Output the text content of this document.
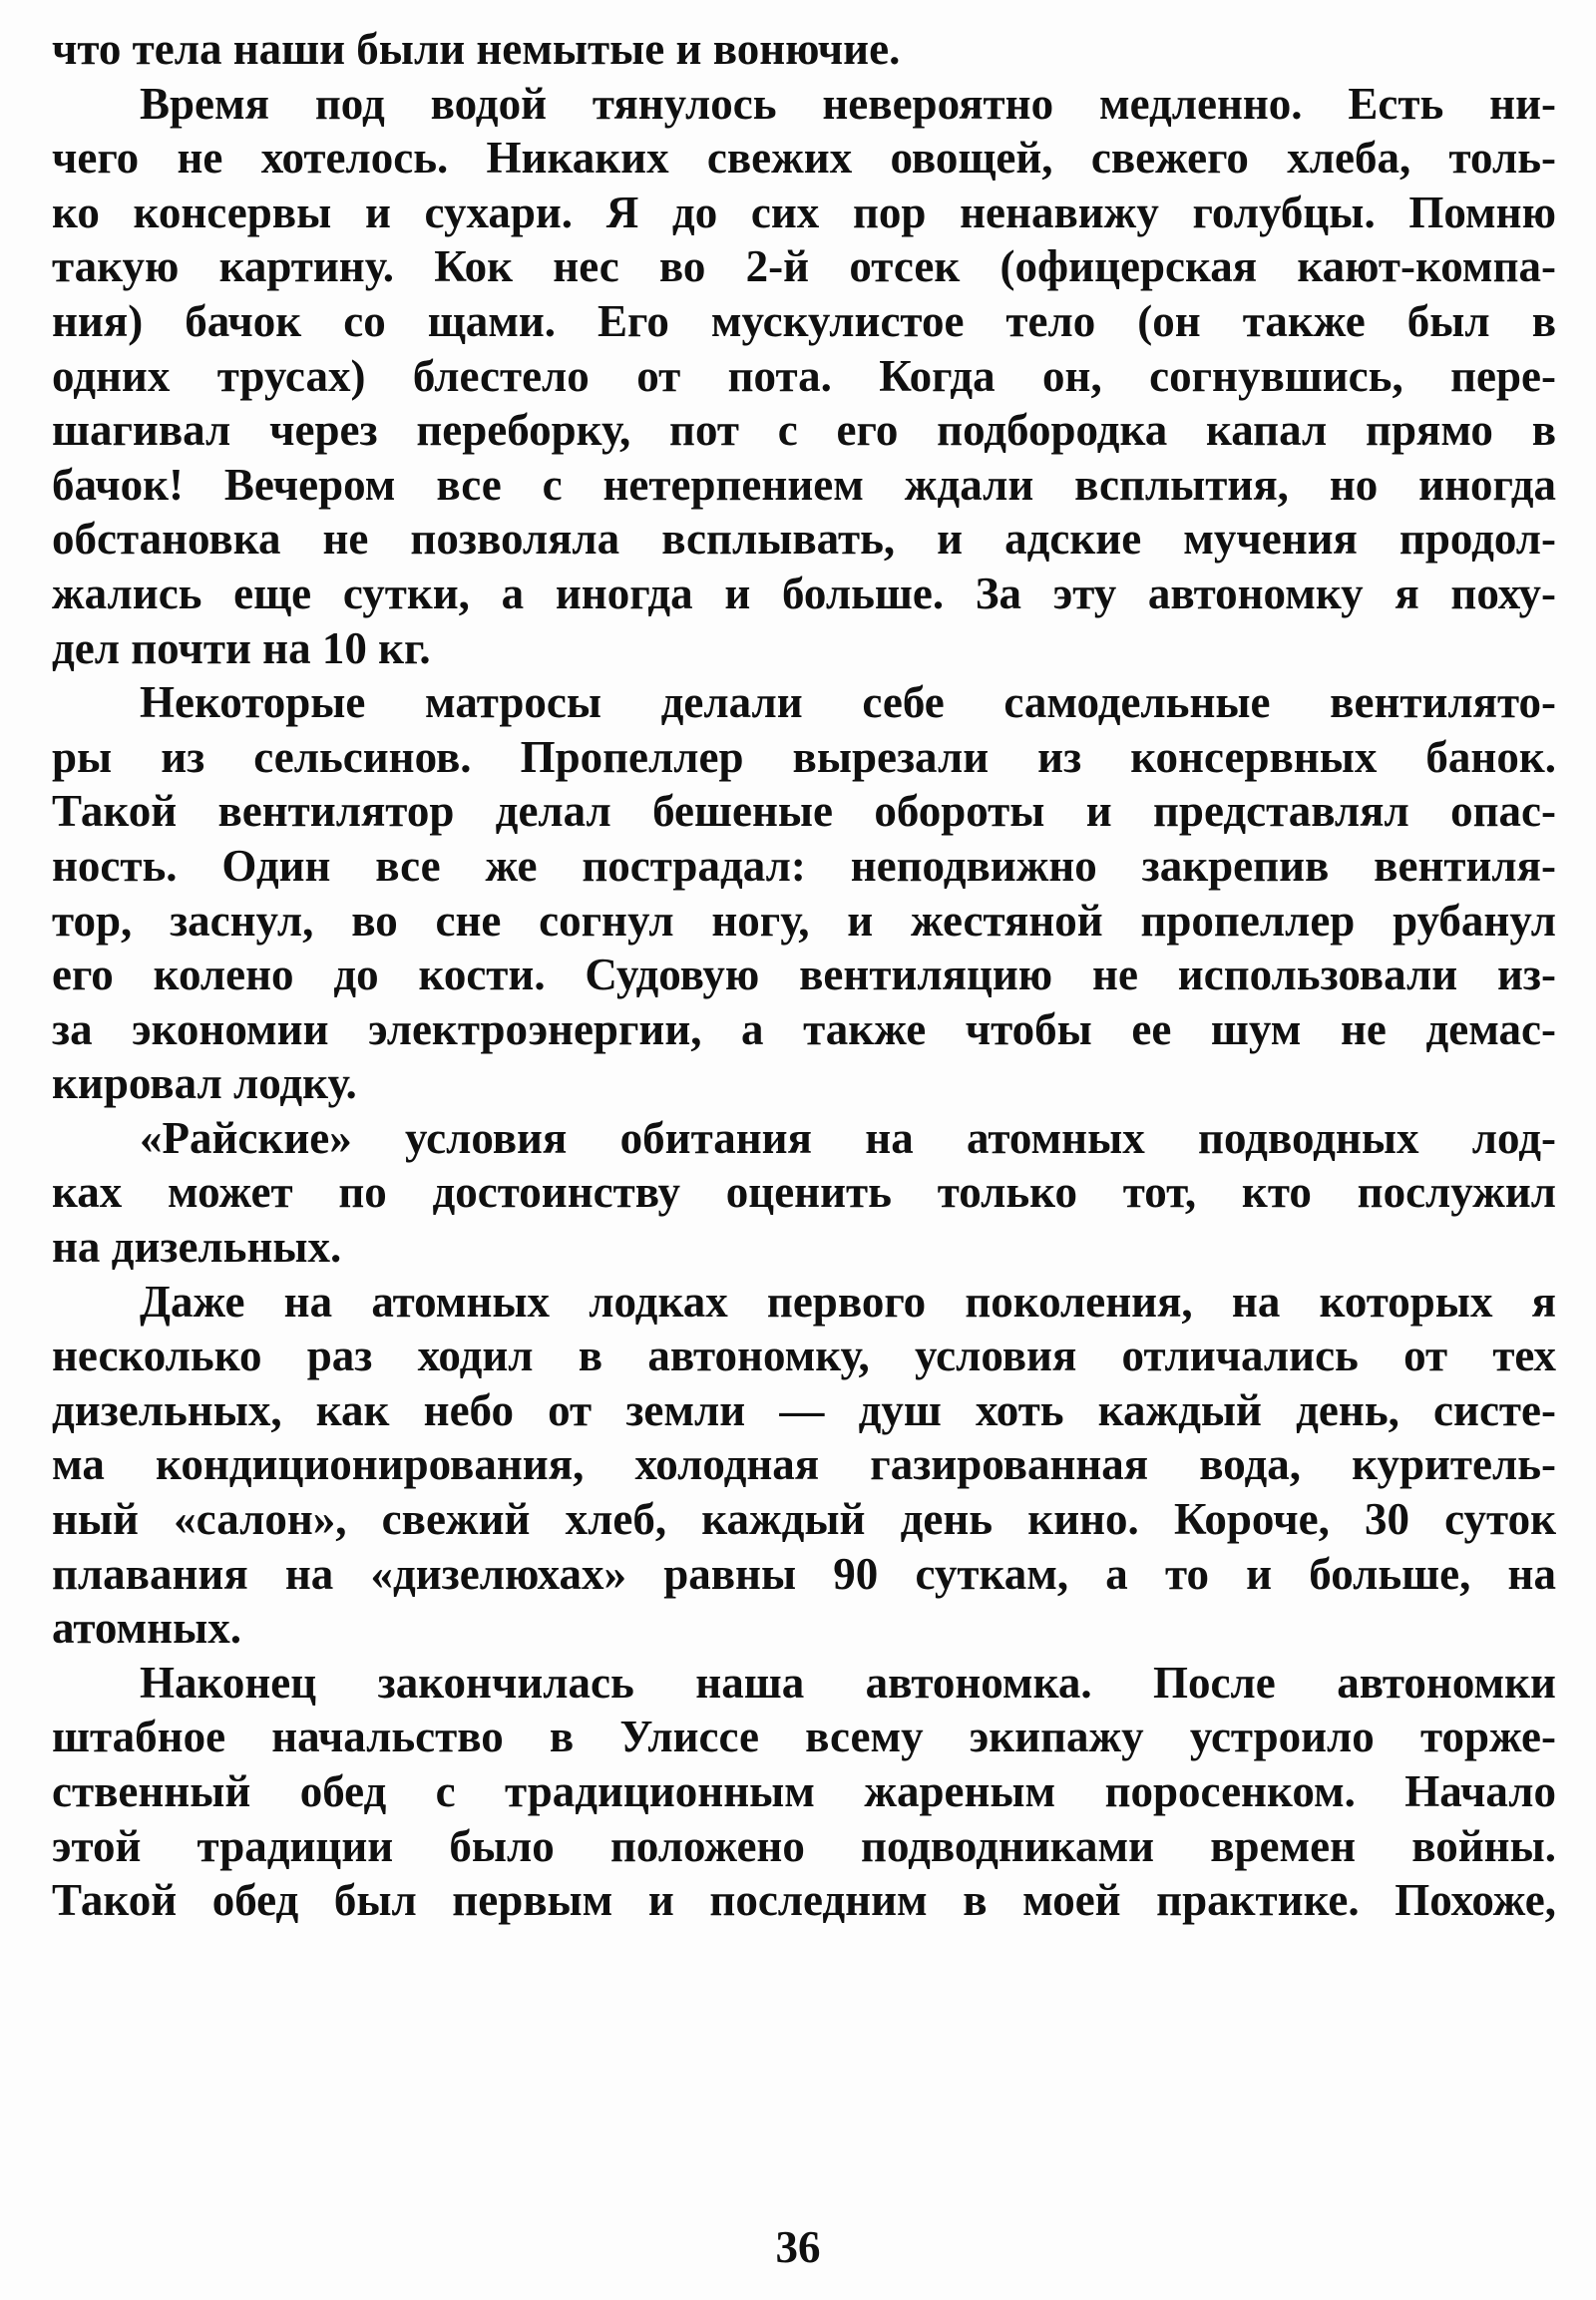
что тела наши были немытые и вонючие.
Время под водой тянулось невероятно медленно. Есть ни-
чего не хотелось. Никаких свежих овощей, свежего хлеба, толь-
ко консервы и сухари. Я до сих пор ненавижу голубцы. Помню
такую картину. Кок нес во 2-й отсек (офицерская кают-компа-
ния) бачок со щами. Его мускулистое тело (он также был в
одних трусах) блестело от пота. Когда он, согнувшись, пере-
шагивал через переборку, пот с его подбородка капал прямо в
бачок! Вечером все с нетерпением ждали всплытия, но иногда
обстановка не позволяла всплывать, и адские мучения продол-
жались еще сутки, а иногда и больше. За эту автономку я поху-
дел почти на 10 кг.
Некоторые матросы делали себе самодельные вентилято-
ры из сельсинов. Пропеллер вырезали из консервных банок.
Такой вентилятор делал бешеные обороты и представлял опас-
ность. Один все же пострадал: неподвижно закрепив вентиля-
тор, заснул, во сне согнул ногу, и жестяной пропеллер рубанул
его колено до кости. Судовую вентиляцию не использовали из-
за экономии электроэнергии, а также чтобы ее шум не демас-
кировал лодку.
«Райские» условия обитания на атомных подводных лод-
ках может по достоинству оценить только тот, кто послужил
на дизельных.
Даже на атомных лодках первого поколения, на которых я
несколько раз ходил в автономку, условия отличались от тех
дизельных, как небо от земли — душ хоть каждый день, систе-
ма кондиционирования, холодная газированная вода, куритель-
ный «салон», свежий хлеб, каждый день кино. Короче, 30 суток
плавания на «дизелюхах» равны 90 суткам, а то и больше, на
атомных.
Наконец закончилась наша автономка. После автономки
штабное начальство в Улиссе всему экипажу устроило торже-
ственный обед с традиционным жареным поросенком. Начало
этой традиции было положено подводниками времен войны.
Такой обед был первым и последним в моей практике. Похоже,
36
